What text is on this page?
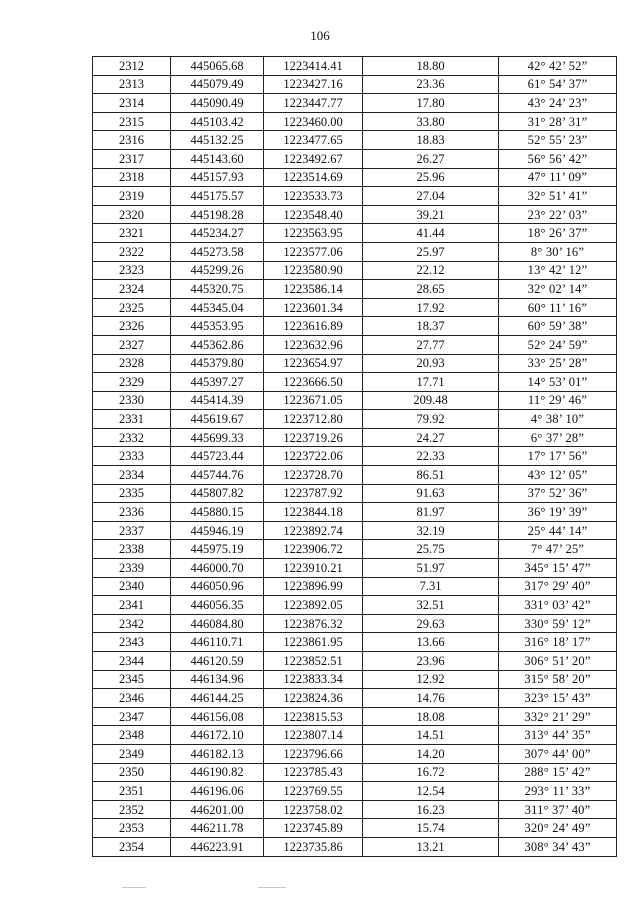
106
2312	445065.68	1223414.41	18.80	42° 42’ 52”
2313	445079.49	1223427.16	23.36	61° 54’ 37”
2314	445090.49	1223447.77	17.80	43° 24’ 23”
2315	445103.42	1223460.00	33.80	31° 28’ 31”
2316	445132.25	1223477.65	18.83	52° 55’ 23”
2317	445143.60	1223492.67	26.27	56° 56’ 42”
2318	445157.93	1223514.69	25.96	47° 11’ 09”
2319	445175.57	1223533.73	27.04	32° 51’ 41”
2320	445198.28	1223548.40	39.21	23° 22’ 03”
2321	445234.27	1223563.95	41.44	18° 26’ 37”
2322	445273.58	1223577.06	25.97	8° 30’ 16”
2323	445299.26	1223580.90	22.12	13° 42’ 12”
2324	445320.75	1223586.14	28.65	32° 02’ 14”
2325	445345.04	1223601.34	17.92	60° 11’ 16”
2326	445353.95	1223616.89	18.37	60° 59’ 38”
2327	445362.86	1223632.96	27.77	52° 24’ 59”
2328	445379.80	1223654.97	20.93	33° 25’ 28”
2329	445397.27	1223666.50	17.71	14° 53’ 01”
2330	445414.39	1223671.05	209.48	11° 29’ 46”
2331	445619.67	1223712.80	79.92	4° 38’ 10”
2332	445699.33	1223719.26	24.27	6° 37’ 28”
2333	445723.44	1223722.06	22.33	17° 17’ 56”
2334	445744.76	1223728.70	86.51	43° 12’ 05”
2335	445807.82	1223787.92	91.63	37° 52’ 36”
2336	445880.15	1223844.18	81.97	36° 19’ 39”
2337	445946.19	1223892.74	32.19	25° 44’ 14”
2338	445975.19	1223906.72	25.75	7° 47’ 25”
2339	446000.70	1223910.21	51.97	345° 15’ 47”
2340	446050.96	1223896.99	7.31	317° 29’ 40”
2341	446056.35	1223892.05	32.51	331° 03’ 42”
2342	446084.80	1223876.32	29.63	330° 59’ 12”
2343	446110.71	1223861.95	13.66	316° 18’ 17”
2344	446120.59	1223852.51	23.96	306° 51’ 20”
2345	446134.96	1223833.34	12.92	315° 58’ 20”
2346	446144.25	1223824.36	14.76	323° 15’ 43”
2347	446156.08	1223815.53	18.08	332° 21’ 29”
2348	446172.10	1223807.14	14.51	313° 44’ 35”
2349	446182.13	1223796.66	14.20	307° 44’ 00”
2350	446190.82	1223785.43	16.72	288° 15’ 42”
2351	446196.06	1223769.55	12.54	293° 11’ 33”
2352	446201.00	1223758.02	16.23	311° 37’ 40”
2353	446211.78	1223745.89	15.74	320° 24’ 49”
2354	446223.91	1223735.86	13.21	308° 34’ 43”
